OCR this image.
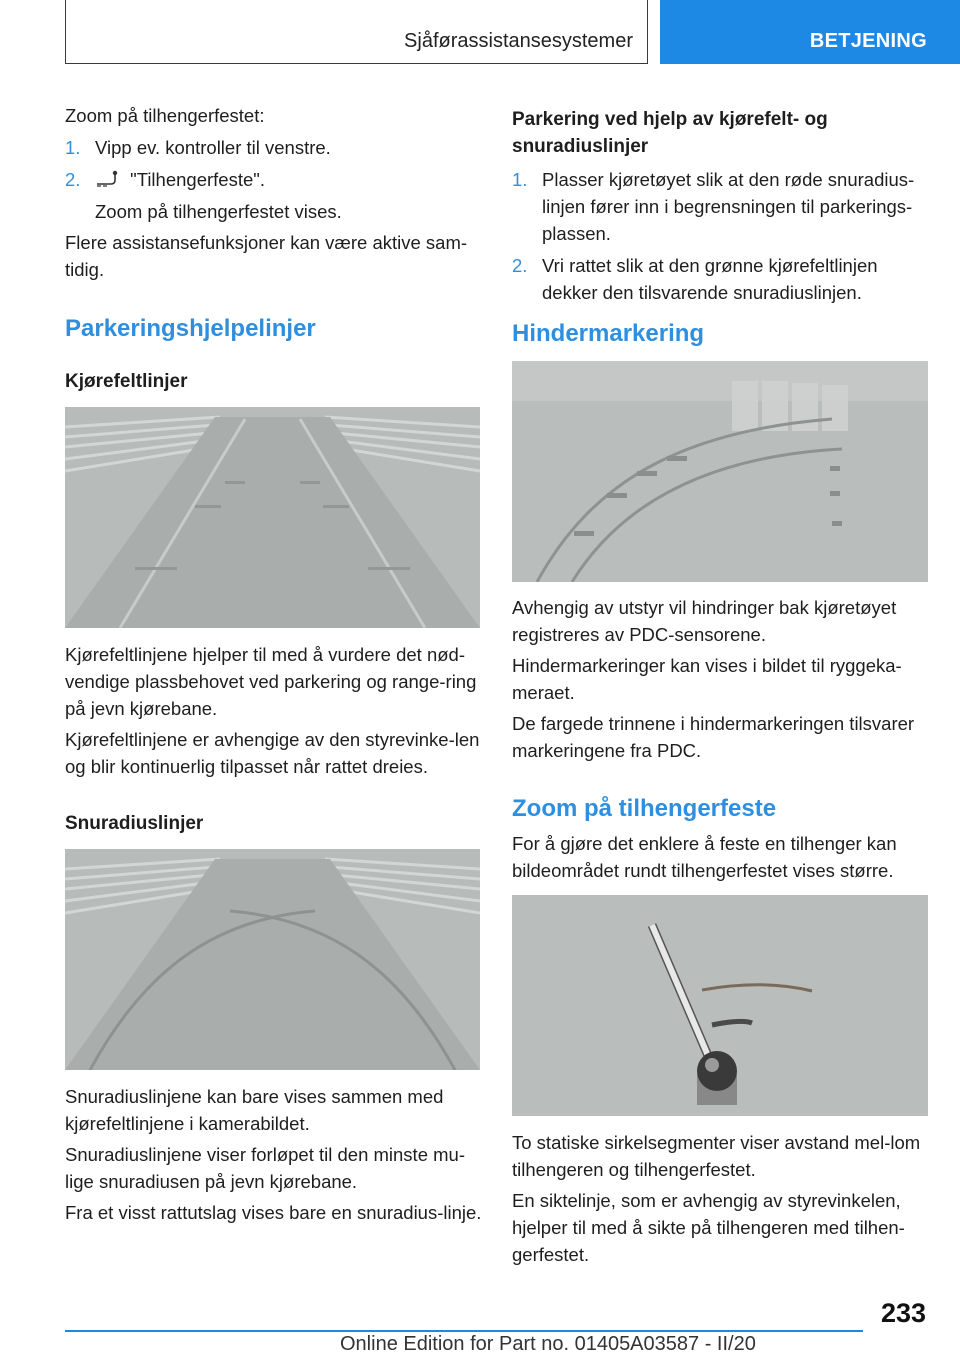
Sjåførassistansesystemer	BETJENING

Zoom på tilhengerfestet:

1. Vipp ev. kontroller til venstre.
2.	"Tilhengerfeste".

Zoom på tilhengerfestet vises.

Flere assistansefunksjoner kan være aktive sam-tidig.

Parkeringshjelpelinjer
Kjørefeltlinjer

Kjørefeltlinjene hjelper til med å vurdere det nød-vendige plassbehovet ved parkering og range-ring på jevn kjørebane.

Kjørefeltlinjene er avhengige av den styrevinke-len og blir kontinuerlig tilpasset når rattet dreies.

Snuradiuslinjer

Snuradiuslinjene kan bare vises sammen med kjørefeltlinjene i kamerabildet.

Snuradiuslinjene viser forløpet til den minste mu-lige snuradiusen på jevn kjørebane.

Fra et visst rattutslag vises bare en snuradius-linje.

Parkering ved hjelp av kjørefelt- og snuradiuslinjer
1. Plasser kjøretøyet slik at den røde snuradius-linjen fører inn i begrensningen til parkerings-plassen.
2. Vri rattet slik at den grønne kjørefeltlinjen dekker den tilsvarende snuradiuslinjen.
Hindermarkering

Avhengig av utstyr vil hindringer bak kjøretøyet registreres av PDC-sensorene.

Hindermarkeringer kan vises i bildet til ryggeka-meraet.

De fargede trinnene i hindermarkeringen tilsvarer markeringene fra PDC.

Zoom på tilhengerfeste

For å gjøre det enklere å feste en tilhenger kan bildeområdet rundt tilhengerfestet vises større.

To statiske sirkelsegmenter viser avstand mel-lom tilhengeren og tilhengerfestet.

En siktelinje, som er avhengig av styrevinkelen, hjelper til med å sikte på tilhengeren med tilhen-gerfestet.

233
Online Edition for Part no. 01405A03587 - II/20
